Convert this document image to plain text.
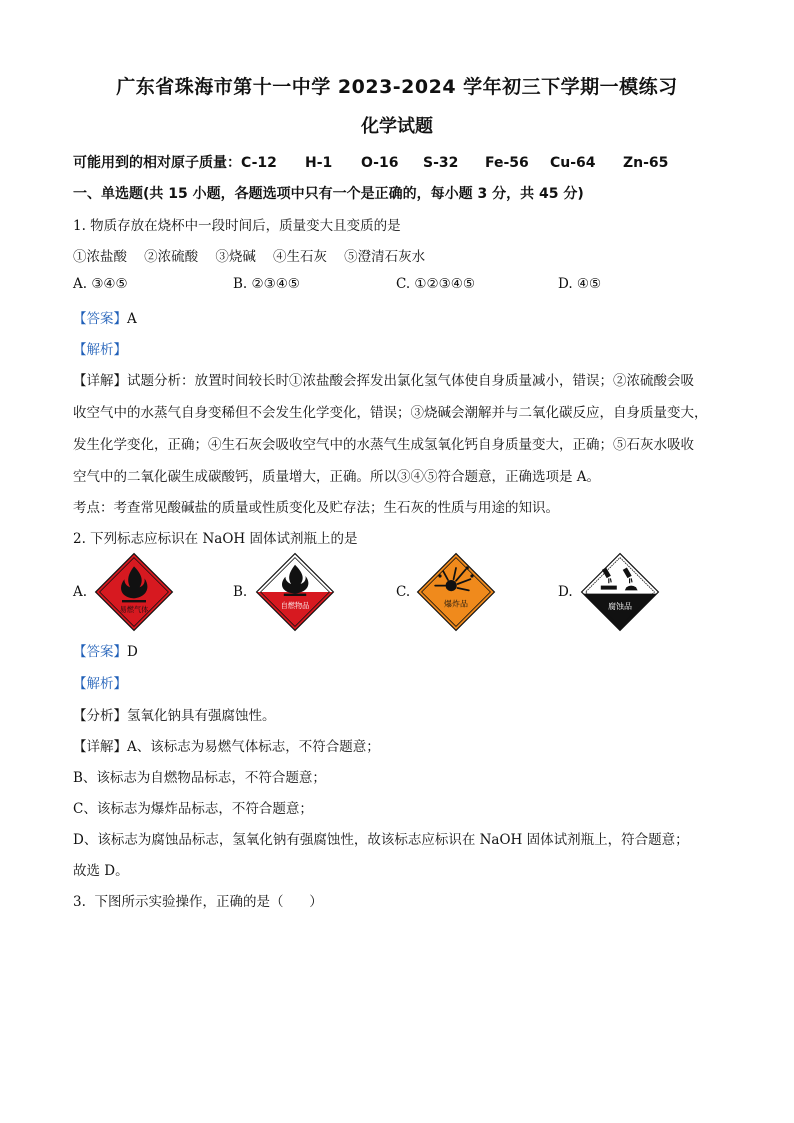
广东省珠海市第十一中学 2023-2024 学年初三下学期一模练习
化学试题
可能用到的相对原子质量：C-12 H-1 O-16 S-32 Fe-56 Cu-64 Zn-65
一、单选题(共 15 小题，各题选项中只有一个是正确的，每小题 3 分，共 45 分)
1. 物质存放在烧杯中一段时间后，质量变大且变质的是
①浓盐酸    ②浓硫酸    ③烧碱    ④生石灰    ⑤澄清石灰水
A. ③④⑤	B. ②③④⑤	C. ①②③④⑤	D. ④⑤
【答案】A
【解析】
【详解】试题分析：放置时间较长时①浓盐酸会挥发出氯化氢气体使自身质量减小，错误；②浓硫酸会吸
收空气中的水蒸气自身变稀但不会发生化学变化，错误；③烧碱会潮解并与二氧化碳反应，自身质量变大，
发生化学变化，正确；④生石灰会吸收空气中的水蒸气生成氢氧化钙自身质量变大，正确；⑤石灰水吸收
空气中的二氧化碳生成碳酸钙，质量增大，正确。所以③④⑤符合题意，正确选项是 A。
考点：考查常见酸碱盐的质量或性质变化及贮存法；生石灰的性质与用途的知识。
2. 下列标志应标识在 NaOH 固体试剂瓶上的是
A.
易燃气体
B.
自燃物品
C.
爆炸品
D.
腐蚀品
【答案】D
【解析】
【分析】氢氧化钠具有强腐蚀性。
【详解】A、该标志为易燃气体标志，不符合题意；
B、该标志为自燃物品标志，不符合题意；
C、该标志为爆炸品标志，不符合题意；
D、该标志为腐蚀品标志，氢氧化钠有强腐蚀性，故该标志应标识在 NaOH 固体试剂瓶上，符合题意；
故选 D。
3.  下图所示实验操作，正确的是（      ）
